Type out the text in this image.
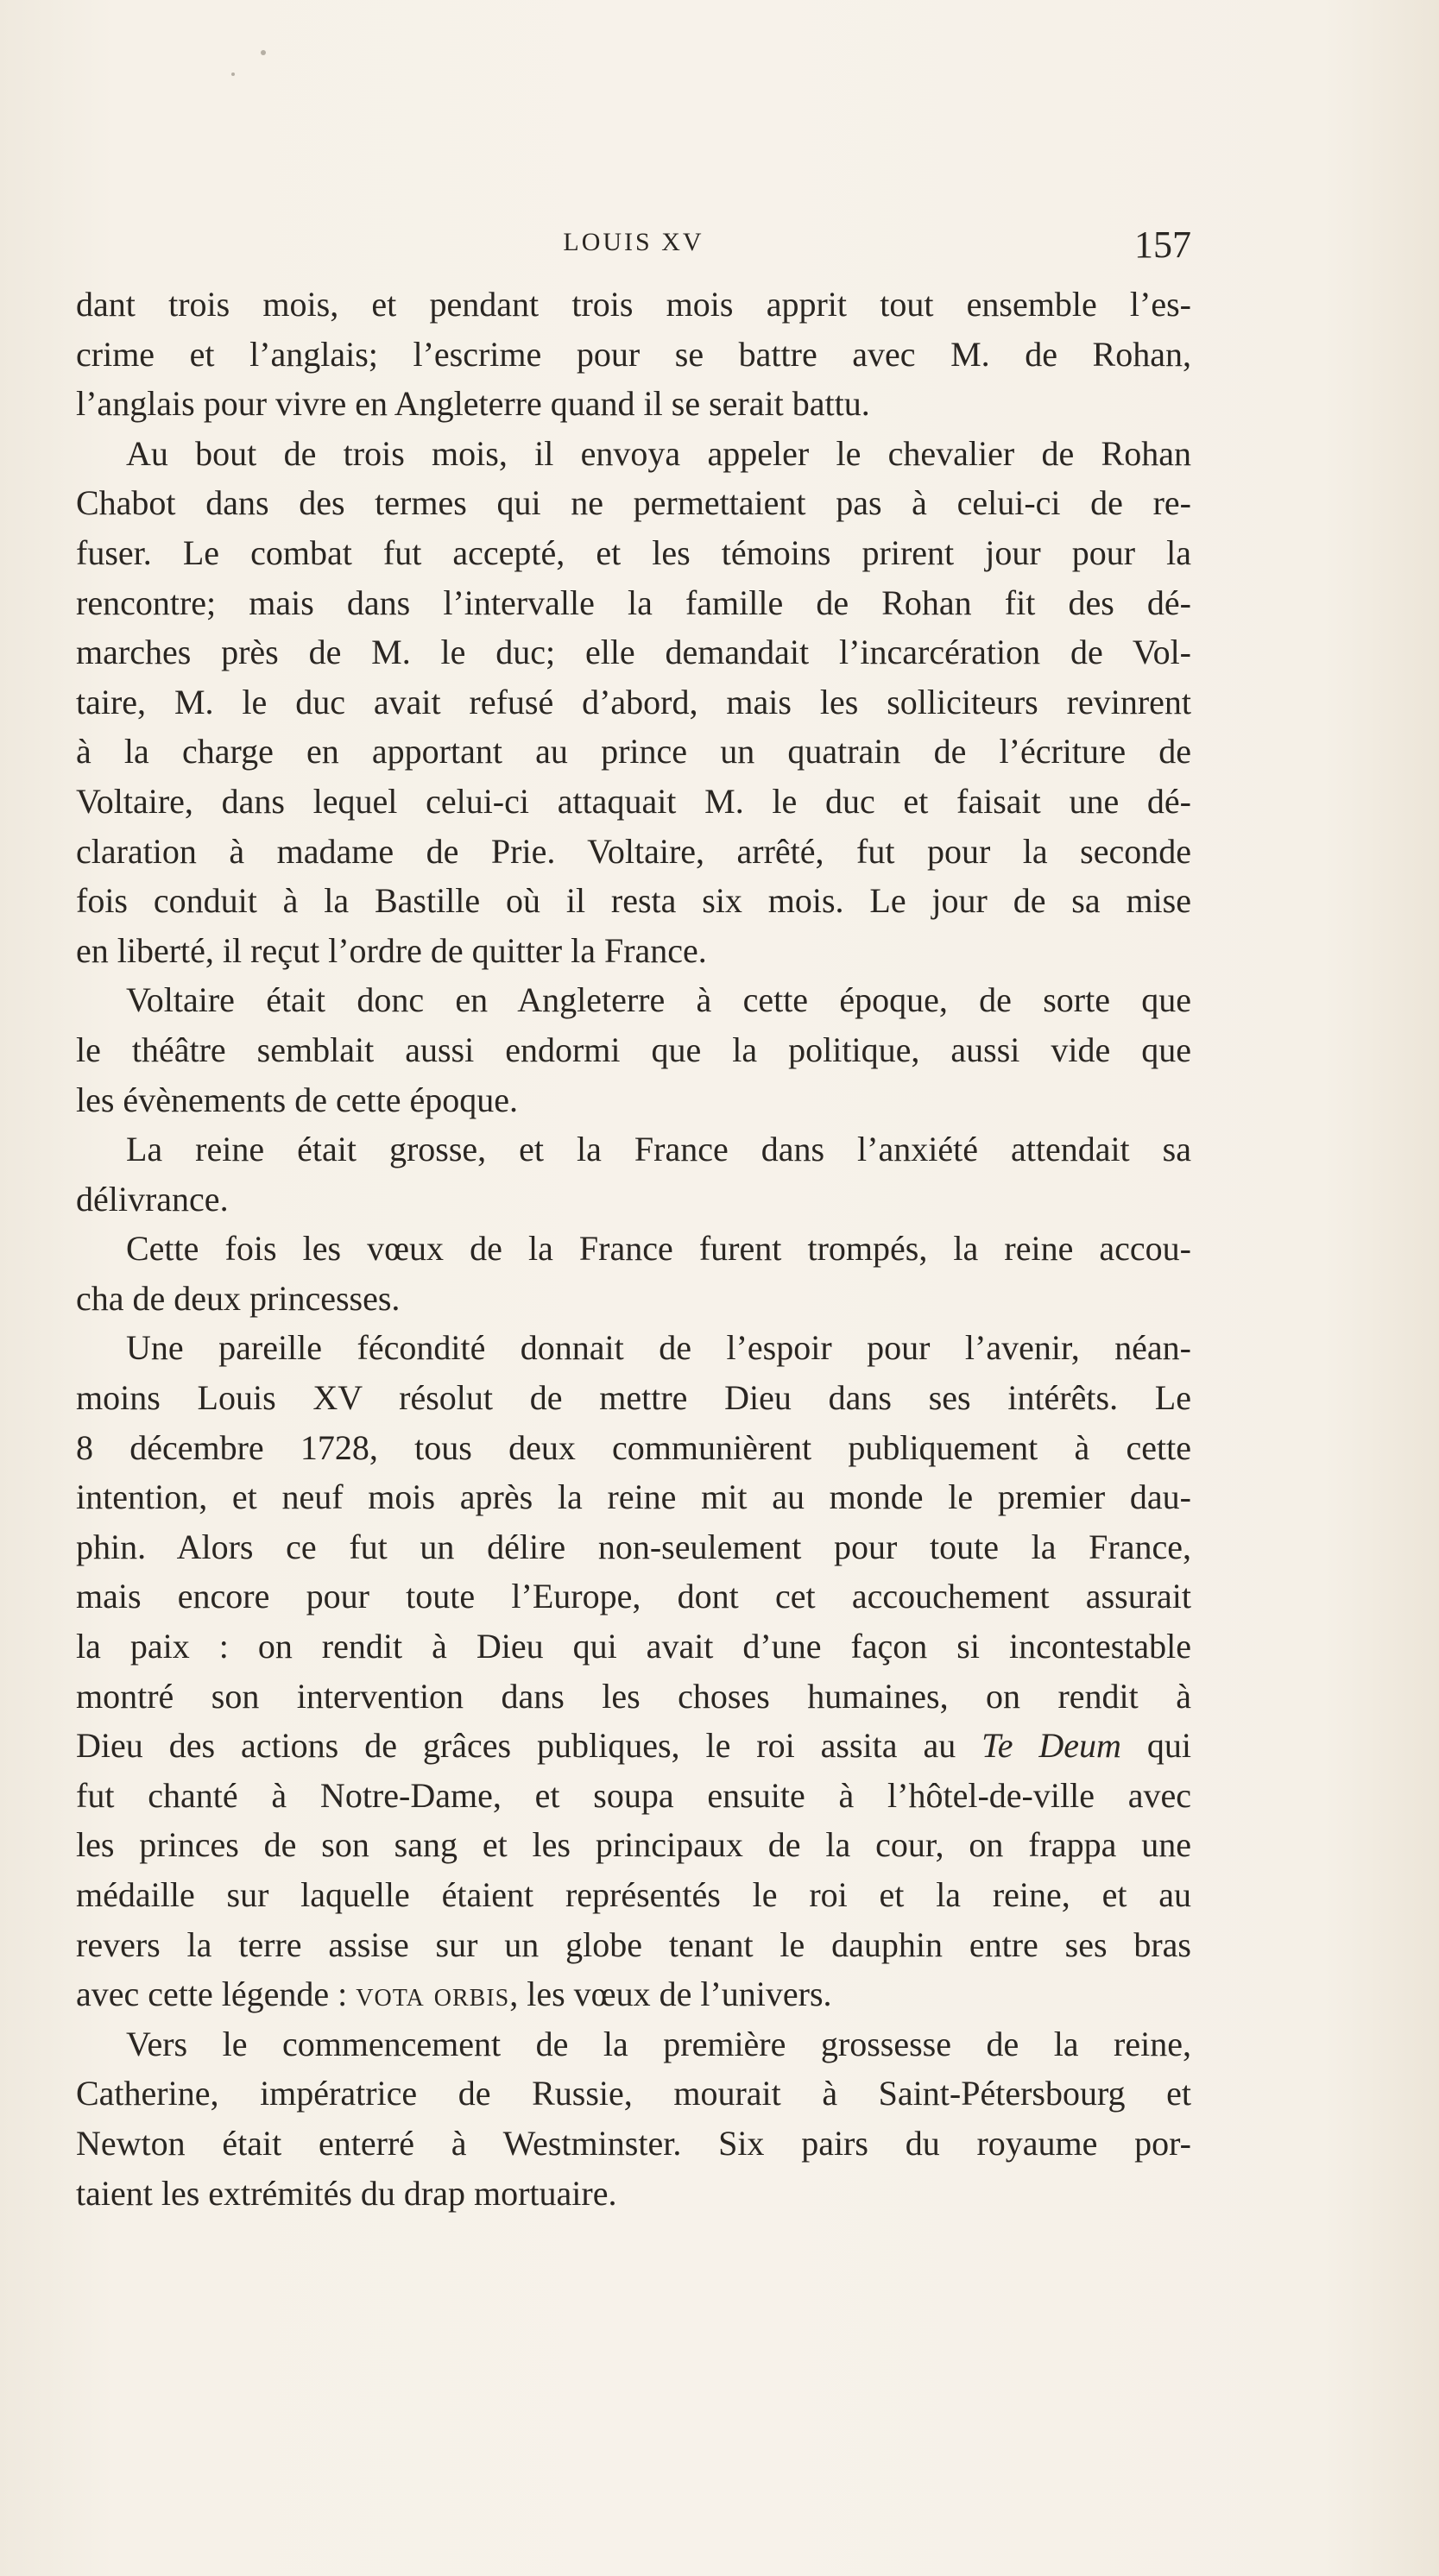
LOUIS XV	157
dant trois mois, et pendant trois mois apprit tout ensemble l’es-
crime et l’anglais; l’escrime pour se battre avec M. de Rohan,
l’anglais pour vivre en Angleterre quand il se serait battu.
Au bout de trois mois, il envoya appeler le chevalier de Rohan
Chabot dans des termes qui ne permettaient pas à celui-ci de re-
fuser. Le combat fut accepté, et les témoins prirent jour pour la
rencontre; mais dans l’intervalle la famille de Rohan fit des dé-
marches près de M. le duc; elle demandait l’incarcération de Vol-
taire, M. le duc avait refusé d’abord, mais les solliciteurs revinrent
à la charge en apportant au prince un quatrain de l’écriture de
Voltaire, dans lequel celui-ci attaquait M. le duc et faisait une dé-
claration à madame de Prie. Voltaire, arrêté, fut pour la seconde
fois conduit à la Bastille où il resta six mois. Le jour de sa mise
en liberté, il reçut l’ordre de quitter la France.
Voltaire était donc en Angleterre à cette époque, de sorte que
le théâtre semblait aussi endormi que la politique, aussi vide que
les évènements de cette époque.
La reine était grosse, et la France dans l’anxiété attendait sa
délivrance.
Cette fois les vœux de la France furent trompés, la reine accou-
cha de deux princesses.
Une pareille fécondité donnait de l’espoir pour l’avenir, néan-
moins Louis XV résolut de mettre Dieu dans ses intérêts. Le
8 décembre 1728, tous deux communièrent publiquement à cette
intention, et neuf mois après la reine mit au monde le premier dau-
phin. Alors ce fut un délire non-seulement pour toute la France,
mais encore pour toute l’Europe, dont cet accouchement assurait
la paix : on rendit à Dieu qui avait d’une façon si incontestable
montré son intervention dans les choses humaines, on rendit à
Dieu des actions de grâces publiques, le roi assita au Te Deum qui
fut chanté à Notre-Dame, et soupa ensuite à l’hôtel-de-ville avec
les princes de son sang et les principaux de la cour, on frappa une
médaille sur laquelle étaient représentés le roi et la reine, et au
revers la terre assise sur un globe tenant le dauphin entre ses bras
avec cette légende : vota orbis, les vœux de l’univers.
Vers le commencement de la première grossesse de la reine,
Catherine, impératrice de Russie, mourait à Saint-Pétersbourg et
Newton était enterré à Westminster. Six pairs du royaume por-
taient les extrémités du drap mortuaire.
